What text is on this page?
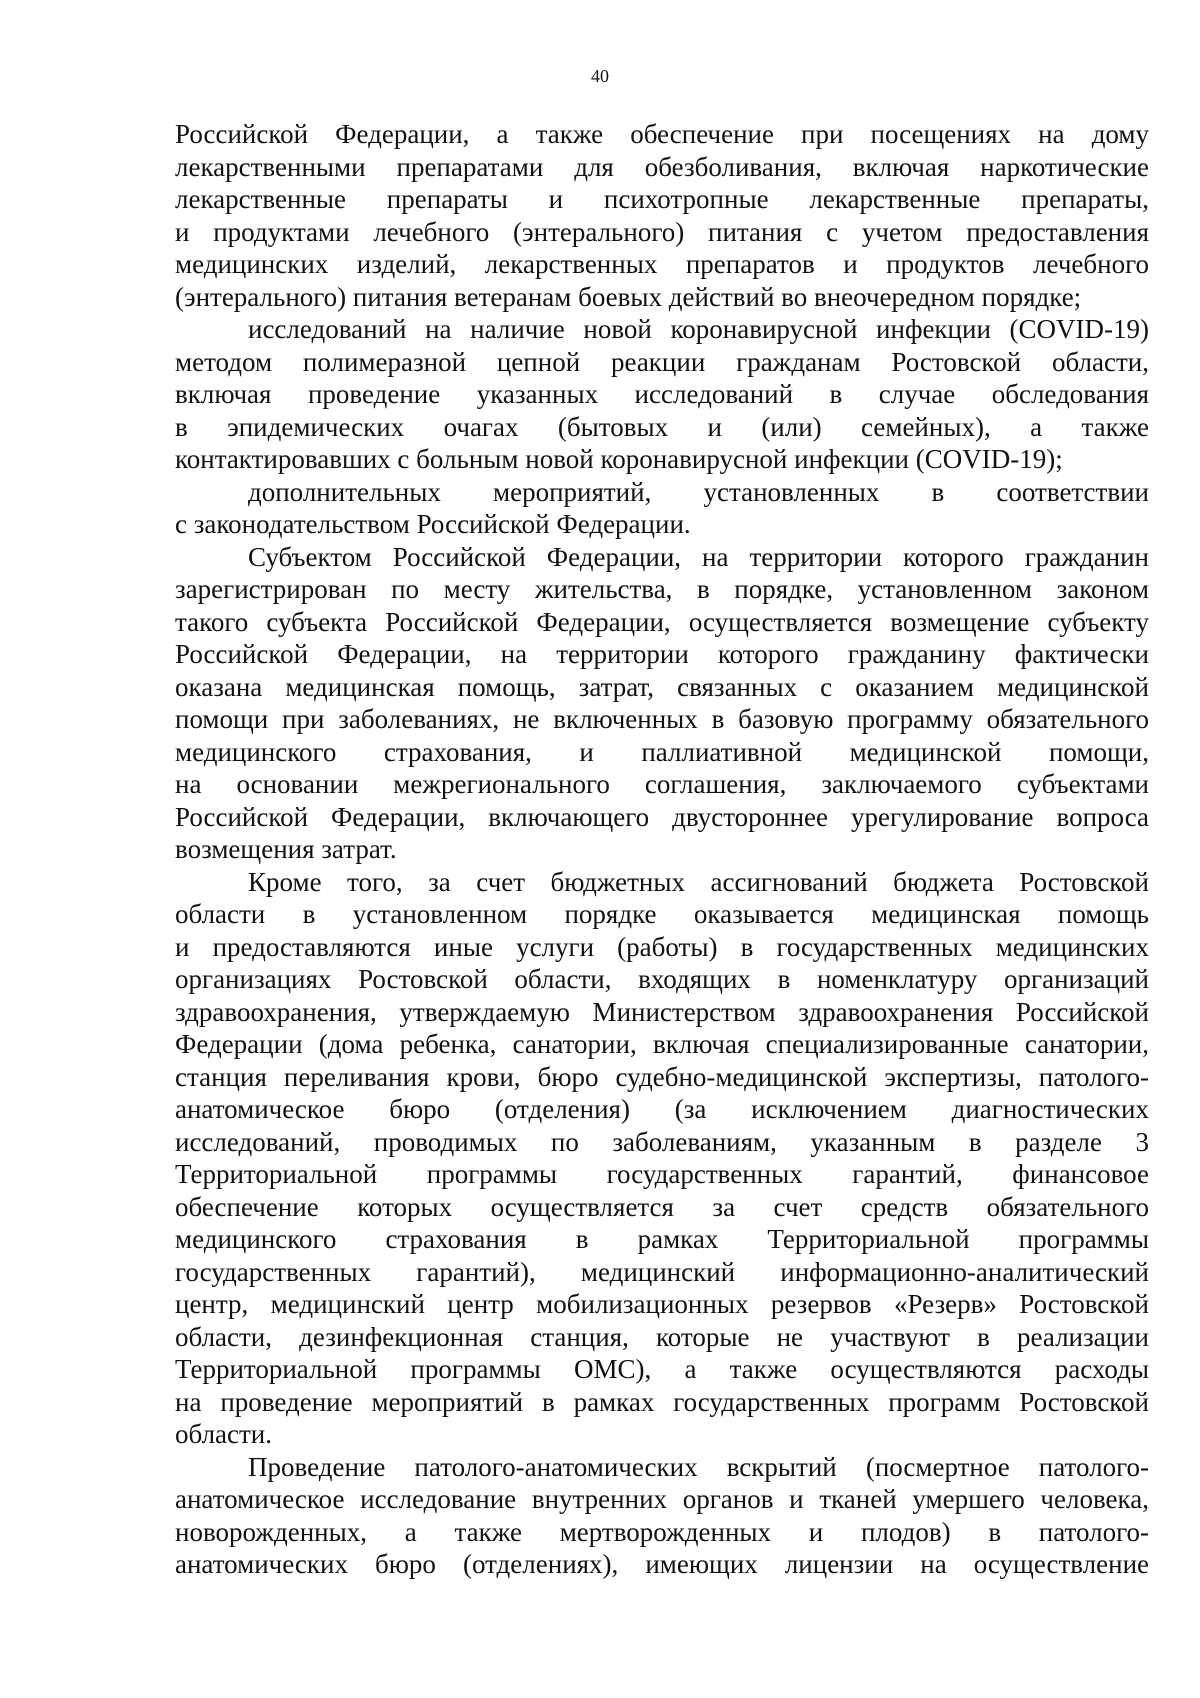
40
Российской Федерации, а также обеспечение при посещениях на дому
лекарственными препаратами для обезболивания, включая наркотические
лекарственные препараты и психотропные лекарственные препараты,
и продуктами лечебного (энтерального) питания с учетом предоставления
медицинских изделий, лекарственных препаратов и продуктов лечебного
(энтерального) питания ветеранам боевых действий во внеочередном порядке;
исследований на наличие новой коронавирусной инфекции (COVID-19)
методом полимеразной цепной реакции гражданам Ростовской области,
включая проведение указанных исследований в случае обследования
в эпидемических очагах (бытовых и (или) семейных), а также
контактировавших с больным новой коронавирусной инфекции (COVID-19);
дополнительных мероприятий, установленных в соответствии
с законодательством Российской Федерации.
Субъектом Российской Федерации, на территории которого гражданин
зарегистрирован по месту жительства, в порядке, установленном законом
такого субъекта Российской Федерации, осуществляется возмещение субъекту
Российской Федерации, на территории которого гражданину фактически
оказана медицинская помощь, затрат, связанных с оказанием медицинской
помощи при заболеваниях, не включенных в базовую программу обязательного
медицинского страхования, и паллиативной медицинской помощи,
на основании межрегионального соглашения, заключаемого субъектами
Российской Федерации, включающего двустороннее урегулирование вопроса
возмещения затрат.
Кроме того, за счет бюджетных ассигнований бюджета Ростовской
области в установленном порядке оказывается медицинская помощь
и предоставляются иные услуги (работы) в государственных медицинских
организациях Ростовской области, входящих в номенклатуру организаций
здравоохранения, утверждаемую Министерством здравоохранения Российской
Федерации (дома ребенка, санатории, включая специализированные санатории,
станция переливания крови, бюро судебно-медицинской экспертизы, патолого-
анатомическое бюро (отделения) (за исключением диагностических
исследований, проводимых по заболеваниям, указанным в разделе 3
Территориальной программы государственных гарантий, финансовое
обеспечение которых осуществляется за счет средств обязательного
медицинского страхования в рамках Территориальной программы
государственных гарантий), медицинский информационно-аналитический
центр, медицинский центр мобилизационных резервов «Резерв» Ростовской
области, дезинфекционная станция, которые не участвуют в реализации
Территориальной программы ОМС), а также осуществляются расходы
на проведение мероприятий в рамках государственных программ Ростовской
области.
Проведение патолого-анатомических вскрытий (посмертное патолого-
анатомическое исследование внутренних органов и тканей умершего человека,
новорожденных, а также мертворожденных и плодов) в патолого-
анатомических бюро (отделениях), имеющих лицензии на осуществление
